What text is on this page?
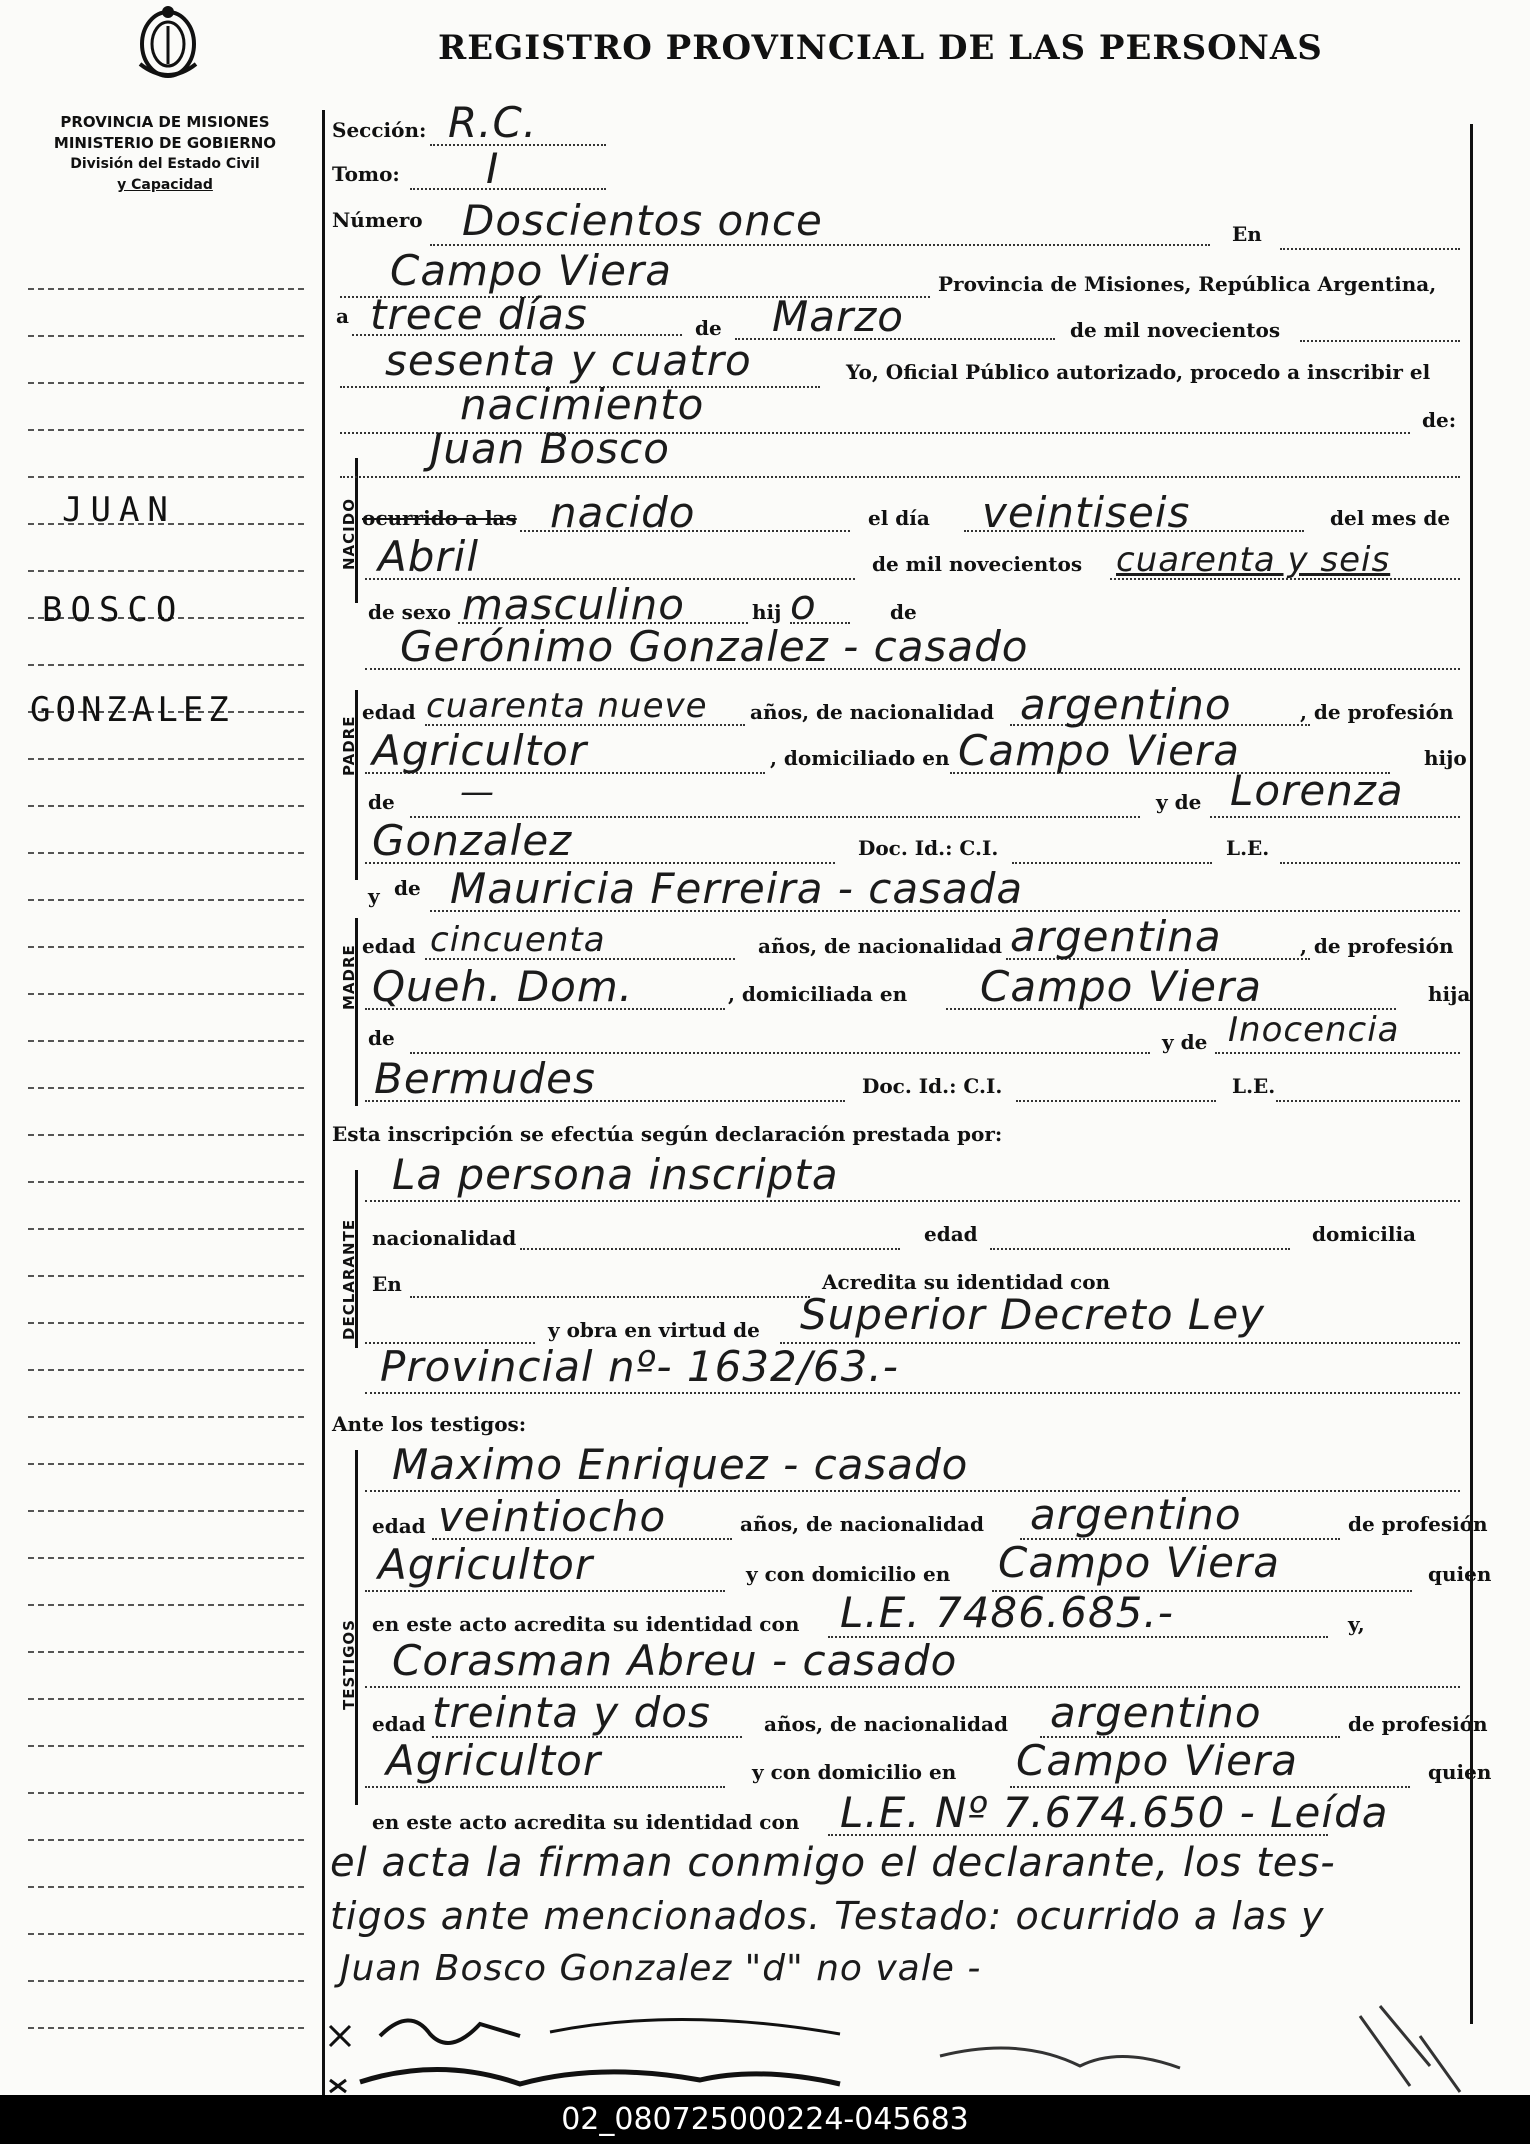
REGISTRO PROVINCIAL DE LAS PERSONAS
PROVINCIA DE MISIONES
MINISTERIO DE GOBIERNO
División del Estado Civil
y Capacidad
JUAN
BOSCO
GONZALEZ
NACIDO
PADRE
MADRE
DECLARANTE
TESTIGOS
Sección: R.C.
Tomo: I
Número Doscientos once	En
Campo Viera	Provincia de Misiones, República Argentina,
a trece días	de Marzo	de mil novecientos
sesenta y cuatro	Yo, Oficial Público autorizado, procedo a inscribir el
nacimiento	de:
Juan Bosco
ocurrido a las nacido	el día veintiseis	del mes de
Abril	de mil novecientos cuarenta y seis
de sexo masculino	hij o	de
Gerónimo Gonzalez - casado
edad cuarenta nueve años, de nacionalidad argentino	, de profesión
Agricultor	, domiciliado en Campo Viera	hijo
de —	y de Lorenza
Gonzalez	Doc. Id.: C.I.	L.E.
y de Mauricia Ferreira - casada
edad cincuenta	años, de nacionalidad argentina	, de profesión
Queh. Dom.	, domiciliada en Campo Viera	hija
de	y de Inocencia
Bermudes	Doc. Id.: C.I.	L.E.
Esta inscripción se efectúa según declaración prestada por:
La persona inscripta
nacionalidad	edad	domicilia
En	Acredita su identidad con
y obra en virtud de Superior Decreto Ley
Provincial nº- 1632/63.-
Ante los testigos:
Maximo Enriquez - casado
edad veintiocho	años, de nacionalidad argentino	de profesión
Agricultor	y con domicilio en Campo Viera	quien
en este acto acredita su identidad con L.E. 7486.685.-	y,
Corasman Abreu - casado
edad treinta y dos	años, de nacionalidad argentino	de profesión
Agricultor	y con domicilio en Campo Viera	quien
en este acto acredita su identidad con L.E. Nº 7.674.650 - Leída
el acta la firman conmigo el declarante, los tes-
tigos ante mencionados. Testado: ocurrido a las y
Juan Bosco Gonzalez "d" no vale -
02_080725000224-045683
